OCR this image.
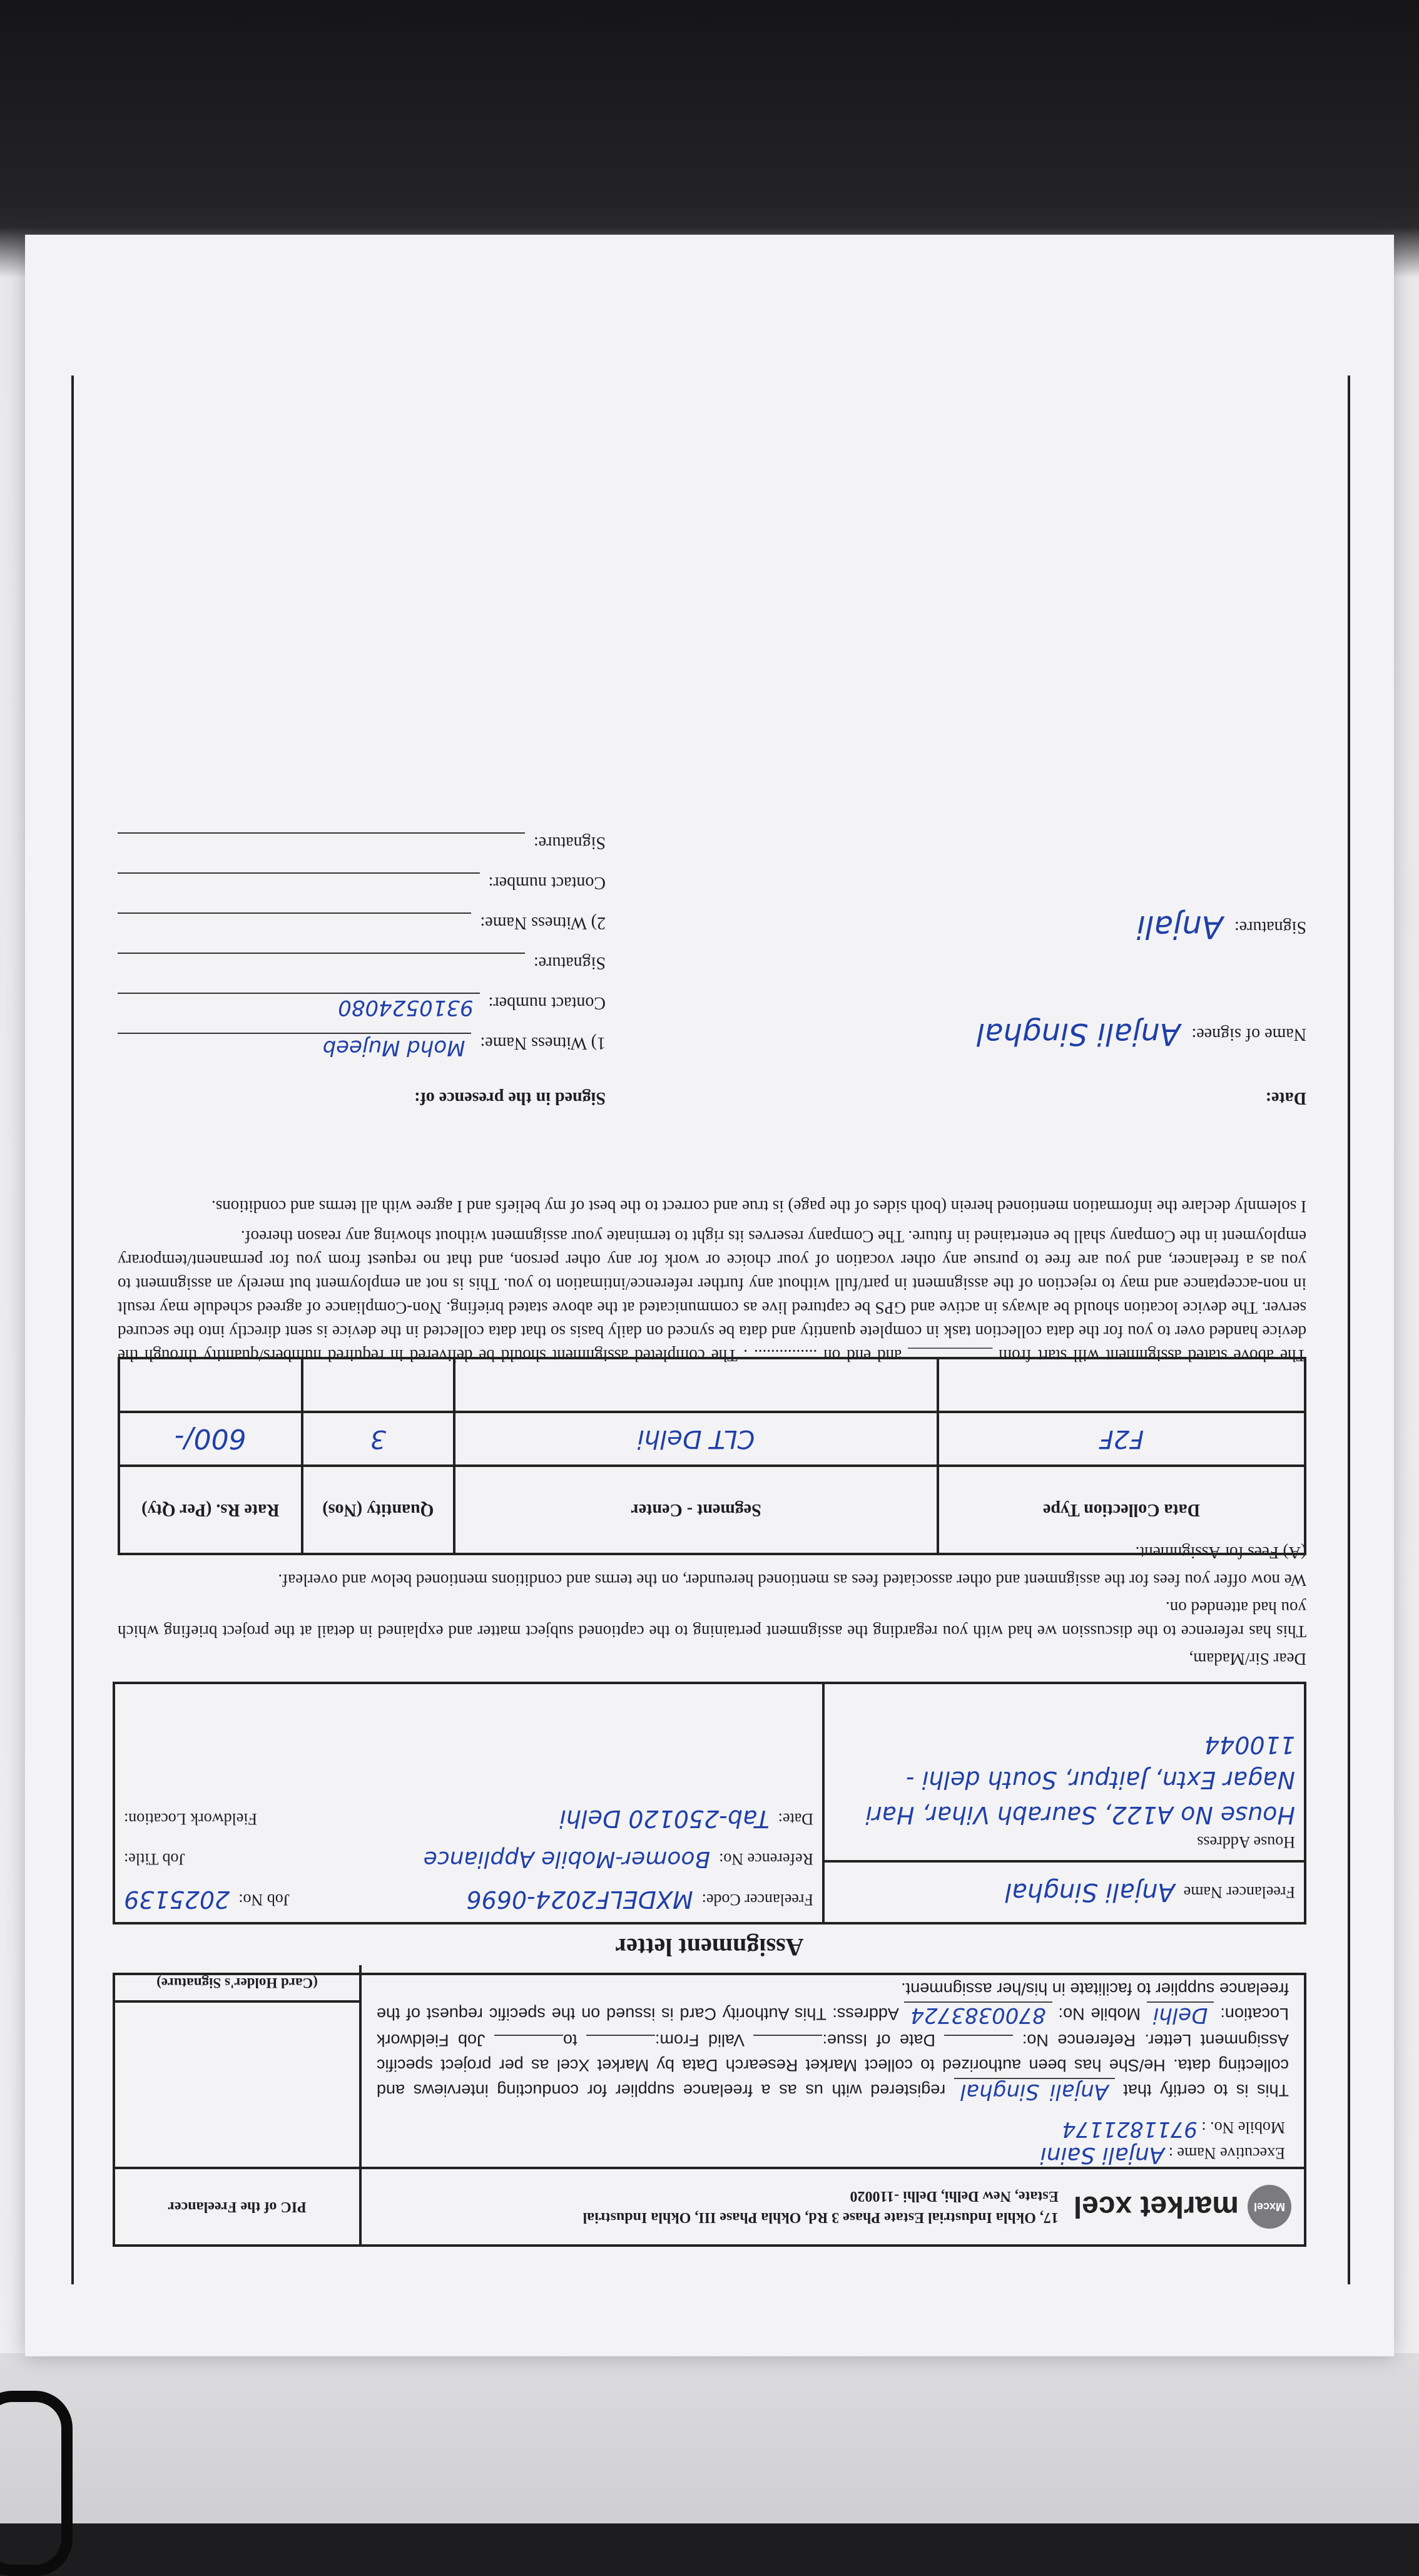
Mxcel
market xcel
17, Okhla Industrial Estate Phase 3 Rd, Okhla Phase III, Okhla Industrial
Estate, New Delhi, Delhi -110020
Executive Name : Anjali Saini
Mobile No. : 9711821174
This is to certify that Anjali Singhal registered with us as a freelance supplier for conducting interviews and collecting data. He/She has been authorized to collect Market Research Data by Market Xcel as per project specific Assignment Letter. Reference No:  Date of Issue: Valid From: to Job Fieldwork Location: Delhi Mobile No: 8700383724 Address: This Authority Card is issued on the specific request of the freelance supplier to facilitate in his/her assignment.
PIC of the Freelancer
(Card Holder's Signature)
Assignment letter
Freelancer Name
Anjali Singhal
House Address
House No A122, Saurabh Vihar, Hari Nagar Extn, Jaitpur, South delhi - 110044
Freelancer Code:
MXDELF2024-0696
Job No:
2025139
Reference No:
Boomer-Mobile Appliance
Job Title:
Date:
Tab-250120 Delhi
Fieldwork Location:

Dear Sir/Madam,

This has reference to the discussion we had with you regarding the assignment pertaining to the captioned subject matter and explained in detail at the project briefing which you had attended on.

We now offer you fees for the assignment and other associated fees as mentioned hereunder, on the terms and conditions mentioned below and overleaf.

(A) Fees for Assignment:

Data Collection Type	Segment - Center	Quantity (Nos)	Rate Rs. (Per Qty)
F2F	CLT Delhi	3	600/-

The above stated assignment will start from __________ and end on ............... . The completed assignment should be delivered in required numbers/quantity through the device handed over to you for the data collection task in complete quantity and data be synced on daily basis so that data collected in the device is sent directly into the secured server. The device location should be always in active and GPS be captured live as communicated at the above stated briefing. Non-Compliance of agreed schedule may result in non-acceptance and may to rejection of the assignment in part/full without any further reference/intimation to you. This is not an employment but merely an assignment to you as a freelancer, and you are free to pursue any other vocation of your choice or work for any other person, and that no request from you for permanent/temporary employment in the Company shall be entertained in future. The Company reserves its right to terminate your assignment without showing any reason thereof.

I solemnly declare the information mentioned herein (both sides of the page) is true and correct to the best of my beliefs and I agree with all terms and conditions.

Date:
Name of signee:
Anjali Singhal
Signature:
Anjali
Signed in the presence of:
1) Witness Name:
Mohd Mujeeb
Contact number:
9310524080
Signature:
2) Witness Name:
Contact number:
Signature:
